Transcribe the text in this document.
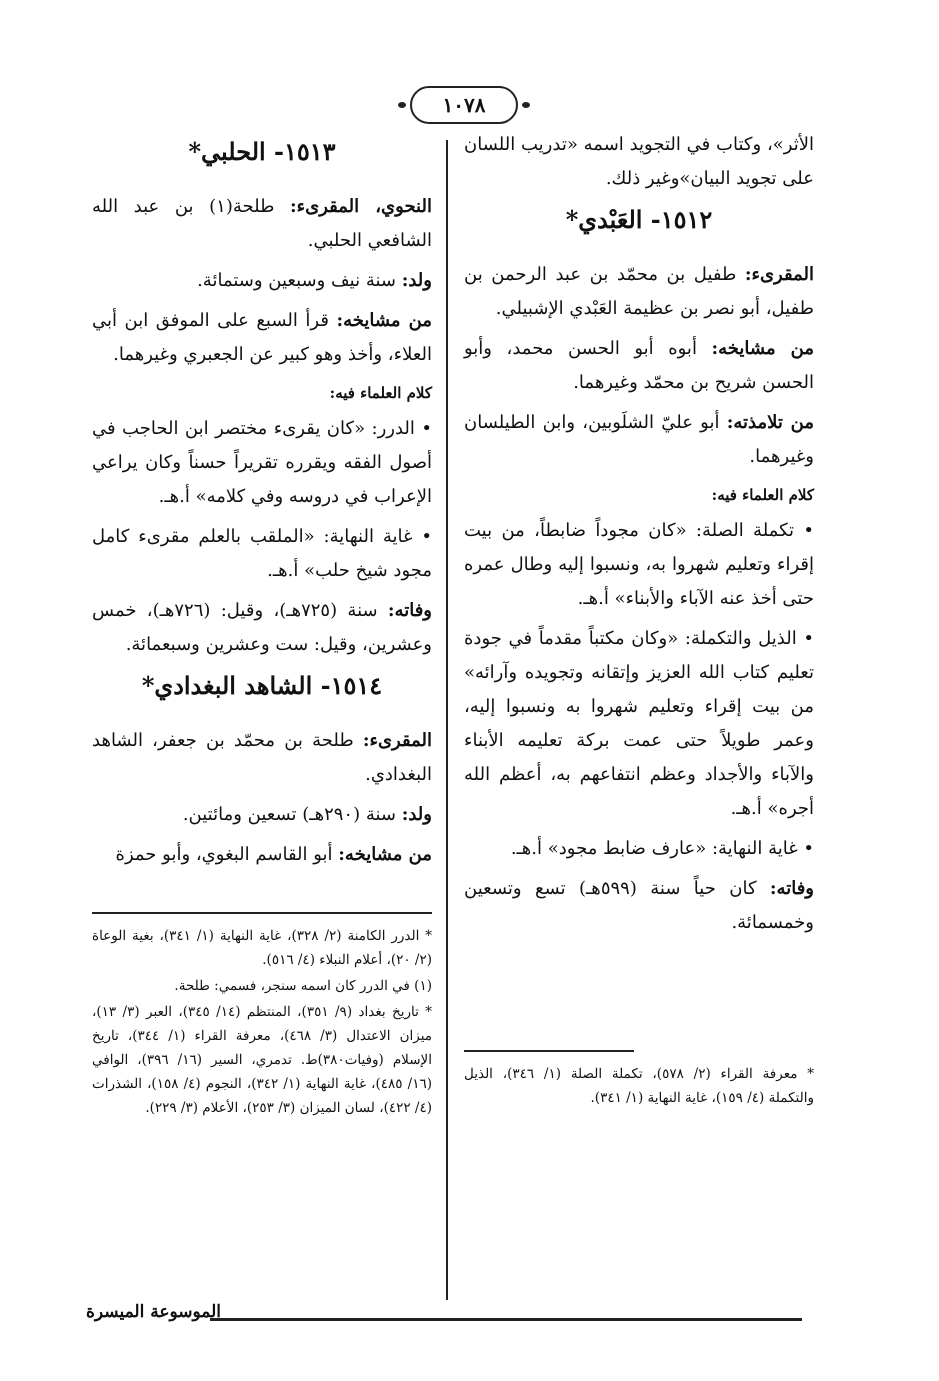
١٠٧٨

الأثر»، وكتاب في التجويد اسمه «تدريب اللسان على تجويد البيان»وغير ذلك.

١٥١٢- العَبْدي*

المقرىء: طفيل بن محمّد بن عبد الرحمن بن طفيل، أبو نصر بن عظيمة العَبْدي الإشبيلي.

من مشايخه: أبوه أبو الحسن محمد، وأبو الحسن شريح بن محمّد وغيرهما.

من تلامذته: أبو عليّ الشلَوبين، وابن الطيلسان وغيرهما.

كلام العلماء فيه:

• تكملة الصلة: «كان مجوداً ضابطاً، من بيت إقراء وتعليم شهروا به، ونسبوا إليه وطال عمره حتى أخذ عنه الآباء والأبناء» أ.هـ.

• الذيل والتكملة: «وكان مكتباً مقدماً في جودة تعليم كتاب الله العزيز وإتقانه وتجويده وآرائه» من بيت إقراء وتعليم شهروا به ونسبوا إليه، وعمر طويلاً حتى عمت بركة تعليمه الأبناء والآباء والأجداد وعظم انتفاعهم به، أعظم الله أجره» أ.هـ.

• غاية النهاية: «عارف ضابط مجود» أ.هـ.

وفاته: كان حياً سنة (٥٩٩هـ) تسع وتسعين وخمسمائة.

* معرفة القراء (٢/ ٥٧٨)، تكملة الصلة (١/ ٣٤٦)، الذيل والتكملة (٤/ ١٥٩)، غاية النهاية (١/ ٣٤١).

١٥١٣- الحلبي*

النحوي، المقرىء: طلحة(١) بن عبد الله الشافعي الحلبي.

ولد: سنة نيف وسبعين وستمائة.

من مشايخه: قرأ السبع على الموفق ابن أبي العلاء، وأخذ وهو كبير عن الجعبري وغيرهما.

كلام العلماء فيه:

• الدرر: «كان يقرىء مختصر ابن الحاجب في أصول الفقه ويقرره تقريراً حسناً وكان يراعي الإعراب في دروسه وفي كلامه» أ.هـ.

• غاية النهاية: «الملقب بالعلم مقرىء كامل مجود شيخ حلب» أ.هـ.

وفاته: سنة (٧٢٥هـ)، وقيل: (٧٢٦هـ)، خمس وعشرين، وقيل: ست وعشرين وسبعمائة.

١٥١٤- الشاهد البغدادي*

المقرىء: طلحة بن محمّد بن جعفر، الشاهد البغدادي.

ولد: سنة (٢٩٠هـ) تسعين ومائتين.

من مشايخه: أبو القاسم البغوي، وأبو حمزة

* الدرر الكامنة (٢/ ٣٢٨)، غاية النهاية (١/ ٣٤١)، بغية الوعاة (٢/ ٢٠)، أعلام النبلاء (٤/ ٥١٦).

(١) في الدرر كان اسمه سنجر، فسمي: طلحة.

* تاريخ بغداد (٩/ ٣٥١)، المنتظم (١٤/ ٣٤٥)، العبر (٣/ ١٣)، ميزان الاعتدال (٣/ ٤٦٨)، معرفة القراء (١/ ٣٤٤)، تاريخ الإسلام (وفيات٣٨٠)ط. تدمري، السير (١٦/ ٣٩٦)، الوافي (١٦/ ٤٨٥)، غاية النهاية (١/ ٣٤٢)، النجوم (٤/ ١٥٨)، الشذرات (٤/ ٤٢٢)، لسان الميزان (٣/ ٢٥٣)، الأعلام (٣/ ٢٢٩).

الموسوعة الميسرة
